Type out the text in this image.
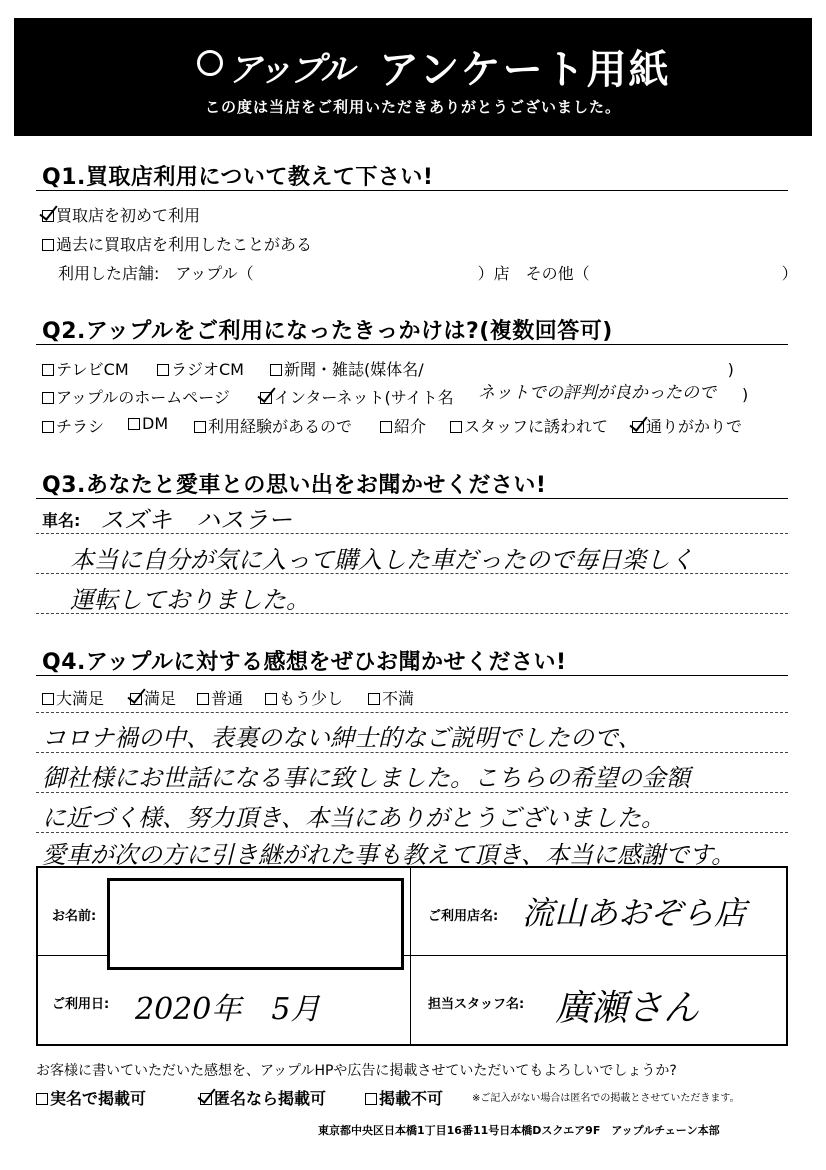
アップル アンケート用紙
この度は当店をご利用いただきありがとうございました。
Q1.買取店利用について教えて下さい!
買取店を初めて利用
過去に買取店を利用したことがある
利用した店舗:　アップル（　　　　　　　　　　　　　　）店　その他（　　　　　　　　　　　　）
Q2.アップルをご利用になったきっかけは?(複数回答可)
テレビCM	ラジオCM	新聞・雑誌(媒体名/　　　　　　　　　　　　　　　　　　　)
アップルのホームページ	インターネット(サイト名 ネットでの評判が良かったので )
チラシ	DM	利用経験があるので	紹介	スタッフに誘われて	通りがかりで
Q3.あなたと愛車との思い出をお聞かせください!
車名: スズキ　ハスラー
本当に自分が気に入って購入した車だったので毎日楽しく
運転しておりました。
Q4.アップルに対する感想をぜひお聞かせください!
大満足	満足	普通	もう少し	不満
コロナ禍の中、表裏のない紳士的なご説明でしたので、
御社様にお世話になる事に致しました。こちらの希望の金額
に近づく様、努力頂き、本当にありがとうございました。
愛車が次の方に引き継がれた事も教えて頂き、本当に感謝です。
お名前:	ご利用店名: 流山あおぞら店
ご利用日: 2020年　5月	担当スタッフ名: 廣瀬さん
お客様に書いていただいた感想を、アップルHPや広告に掲載させていただいてもよろしいでしょうか?
実名で掲載可	匿名なら掲載可	掲載不可	※ご記入がない場合は匿名での掲載とさせていただきます。
東京都中央区日本橋1丁目16番11号日本橋Dスクエア9F　アップルチェーン本部
